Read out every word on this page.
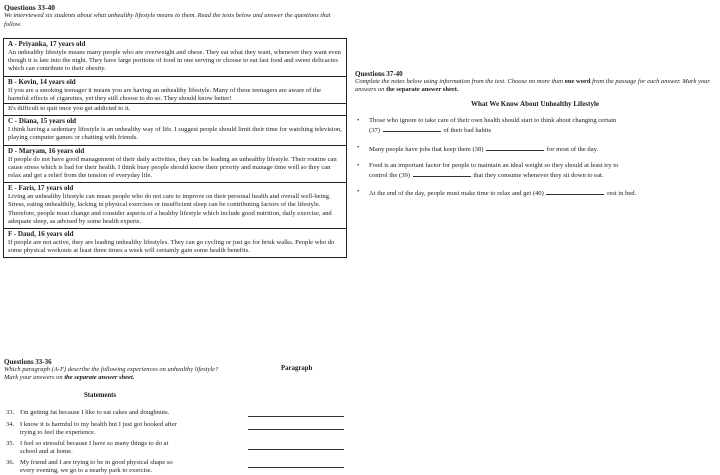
Questions 33-40
We interviewed six students about what unhealthy lifestyle means to them. Read the texts below and answer the questions that follow.
A - Priyanka, 17 years old
An unhealthy lifestyle means many people who are overweight and obese. They eat what they want, whenever they want even though it is late into the night. They have large portions of food in one serving or choose to eat fast food and sweet delicacies which can contribute to their obesity.
B - Kevin, 14 years old
If you are a smoking teenager it means you are having an unhealthy lifestyle. Many of these teenagers are aware of the harmful effects of cigarettes, yet they still choose to do so. They should know better!
It's difficult to quit once you get addicted to it.
C - Diana, 15 years old
I think having a sedentary lifestyle is an unhealthy way of life. I suggest people should limit their time for watching television, playing computer games or chatting with friends.
D - Maryam, 16 years old
If people do not have good management of their daily activities, they can be leading an unhealthy lifestyle. Their routine can cause stress which is bad for their health. I think busy people should know their priority and manage time well so they can relax and get a relief from the tension of everyday life.
E - Faris, 17 years old
Living an unhealthy lifestyle can mean people who do not care to improve on their personal health and overall well-being. Stress, eating unhealthily, lacking in physical exercises or insufficient sleep can be contributing factors of the lifestyle. Therefore, people must change and consider aspects of a healthy lifestyle which include good nutrition, daily exercise, and adequate sleep, as advised by some health experts.
F - Daud, 16 years old
If people are not active, they are leading unhealthy lifestyles. They can go cycling or just go for brisk walks. People who do some physical workouts at least three times a week will certainly gain some health benefits.
Questions 33-36
Which paragraph (A-F) describe the following experiences on unhealthy lifestyle?
Mark your answers on the separate answer sheet.
Paragraph
Statements
33. I'm getting fat because I like to eat cakes and doughnuts.
34. I know it is harmful to my health but I just got hooked after
trying to feel the experience.
35. I feel so stressful because I have so many things to do at
school and at home.
36. My friend and I are trying to be in good physical shape so
every evening, we go to a nearby park to exercise.
Questions 37-40
Complete the notes below using information from the text. Choose no more than one word from the passage for each answer. Mark your answers on the separate answer sheet.
What We Know About Unhealthy Lifestyle
•	Those who ignore to take care of their own health should start to think about changing certain
(37)	of their bad habits
•	Many people have jobs that keep them (38)	for most of the day.
•	Food is an important factor for people to maintain an ideal weight so they should at least try to
control the (39)	that they consume whenever they sit down to eat.
•	At the end of the day, people must make time to relax and get (40)	rest in bed.
